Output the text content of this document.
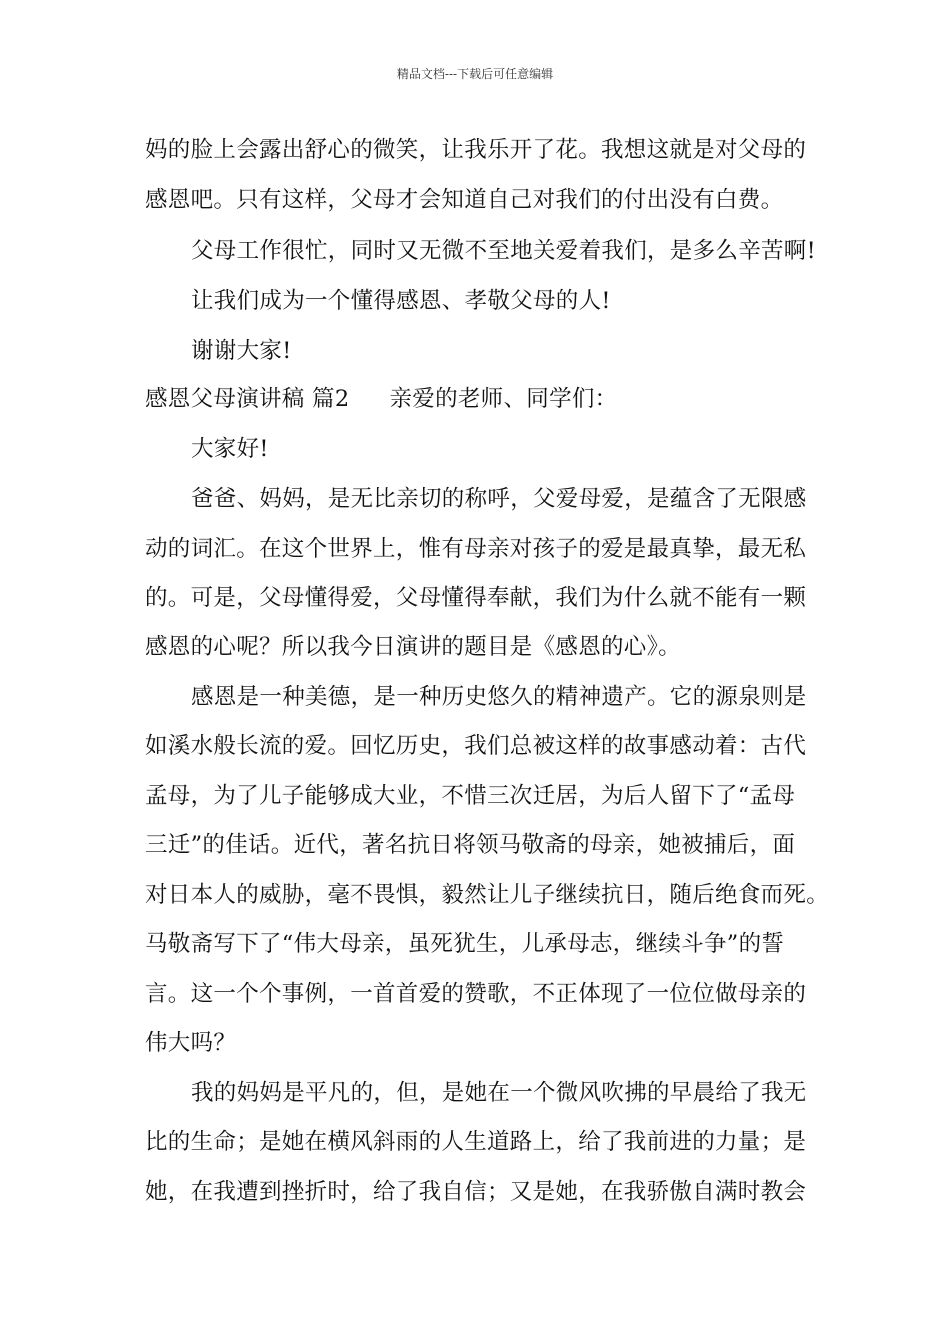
精品文档---下载后可任意编辑
妈的脸上会露出舒心的微笑，让我乐开了花。我想这就是对父母的
感恩吧。只有这样，父母才会知道自己对我们的付出没有白费。
父母工作很忙，同时又无微不至地关爱着我们，是多么辛苦啊!
让我们成为一个懂得感恩、孝敬父母的人!
谢谢大家!
感恩父母演讲稿 篇2 亲爱的老师、同学们：
大家好!
爸爸、妈妈，是无比亲切的称呼，父爱母爱，是蕴含了无限感
动的词汇。在这个世界上，惟有母亲对孩子的爱是最真挚，最无私
的。可是，父母懂得爱，父母懂得奉献，我们为什么就不能有一颗
感恩的心呢？所以我今日演讲的题目是《感恩的心》。
感恩是一种美德，是一种历史悠久的精神遗产。它的源泉则是
如溪水般长流的爱。回忆历史，我们总被这样的故事感动着：古代
孟母，为了儿子能够成大业，不惜三次迁居，为后人留下了“孟母
三迁”的佳话。近代，著名抗日将领马敬斋的母亲，她被捕后，面
对日本人的威胁，毫不畏惧，毅然让儿子继续抗日，随后绝食而死。
马敬斋写下了“伟大母亲，虽死犹生，儿承母志，继续斗争”的誓
言。这一个个事例，一首首爱的赞歌，不正体现了一位位做母亲的
伟大吗？
我的妈妈是平凡的，但，是她在一个微风吹拂的早晨给了我无
比的生命；是她在横风斜雨的人生道路上，给了我前进的力量；是
她，在我遭到挫折时，给了我自信；又是她，在我骄傲自满时教会
